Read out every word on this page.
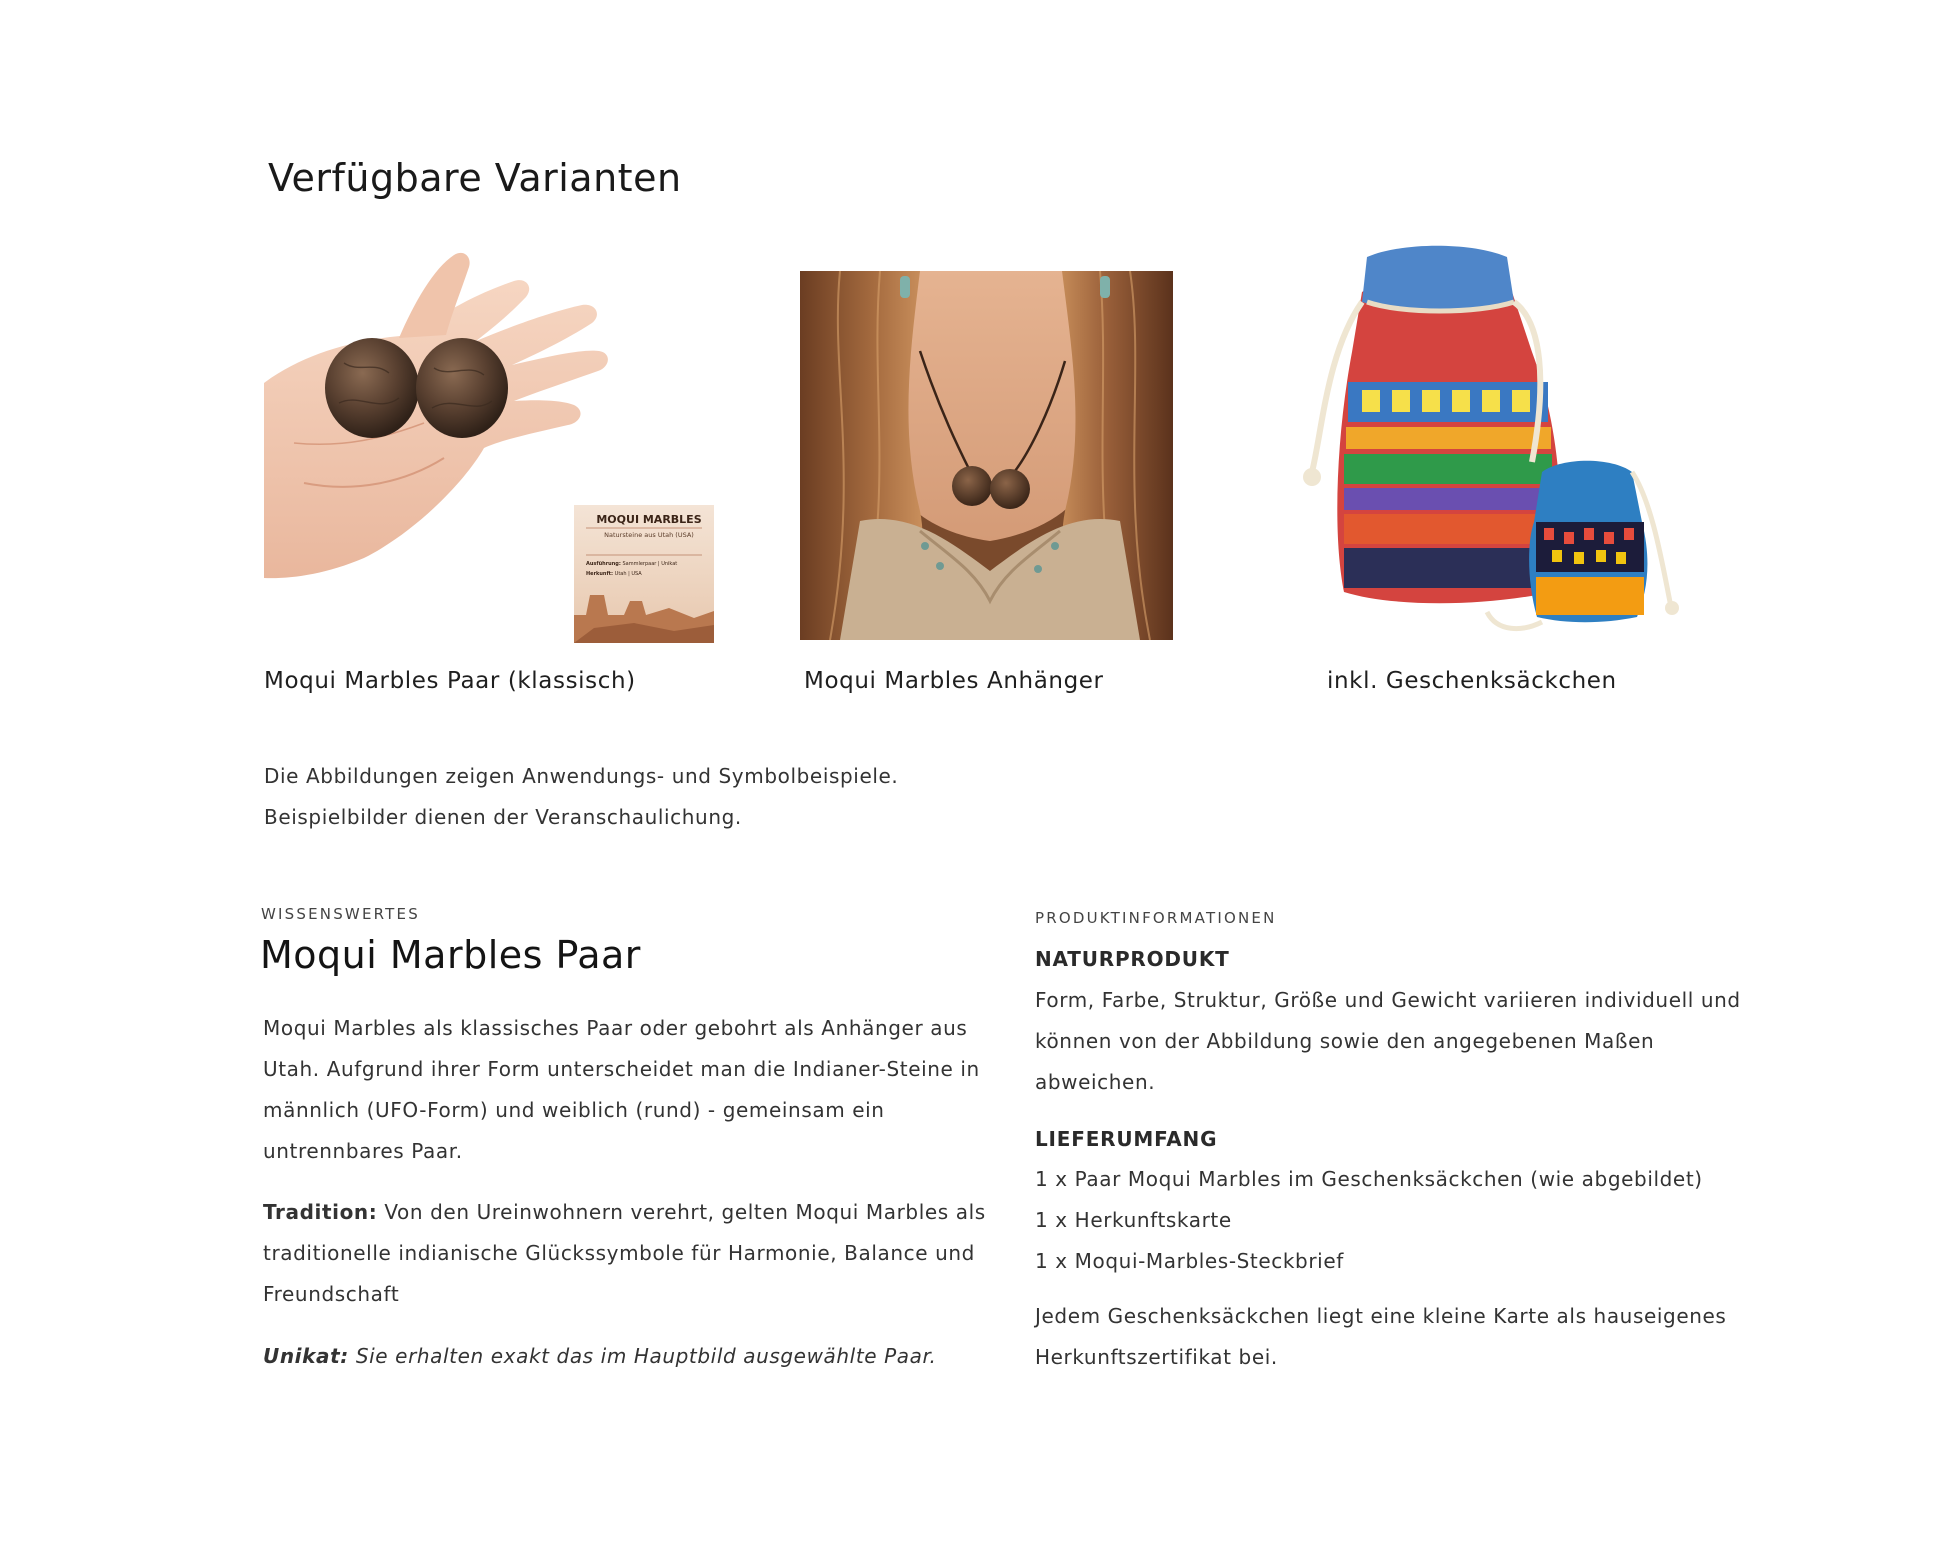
Verfügbare Varianten
MOQUI MARBLES
Natursteine aus Utah (USA)
Ausführung: Sammlerpaar | Unikat
Herkunft: Utah | USA
Moqui Marbles Paar (klassisch)	Moqui Marbles Anhänger	inkl. Geschenksäckchen
Die Abbildungen zeigen Anwendungs- und Symbolbeispiele.
Beispielbilder dienen der Veranschaulichung.
WISSENSWERTES
Moqui Marbles Paar
Moqui Marbles als klassisches Paar oder gebohrt als Anhänger aus Utah. Aufgrund ihrer Form unterscheidet man die Indianer-Steine in männlich (UFO-Form) und weiblich (rund) - gemeinsam ein untrennbares Paar.
Tradition: Von den Ureinwohnern verehrt, gelten Moqui Marbles als traditionelle indianische Glückssymbole für Harmonie, Balance und Freundschaft
Unikat: Sie erhalten exakt das im Hauptbild ausgewählte Paar.
PRODUKTINFORMATIONEN
NATURPRODUKT
Form, Farbe, Struktur, Größe und Gewicht variieren individuell und können von der Abbildung sowie den angegebenen Maßen abweichen.
LIEFERUMFANG
1 x Paar Moqui Marbles im Geschenksäckchen (wie abgebildet)
1 x Herkunftskarte
1 x Moqui-Marbles-Steckbrief
Jedem Geschenksäckchen liegt eine kleine Karte als hauseigenes Herkunftszertifikat bei.
